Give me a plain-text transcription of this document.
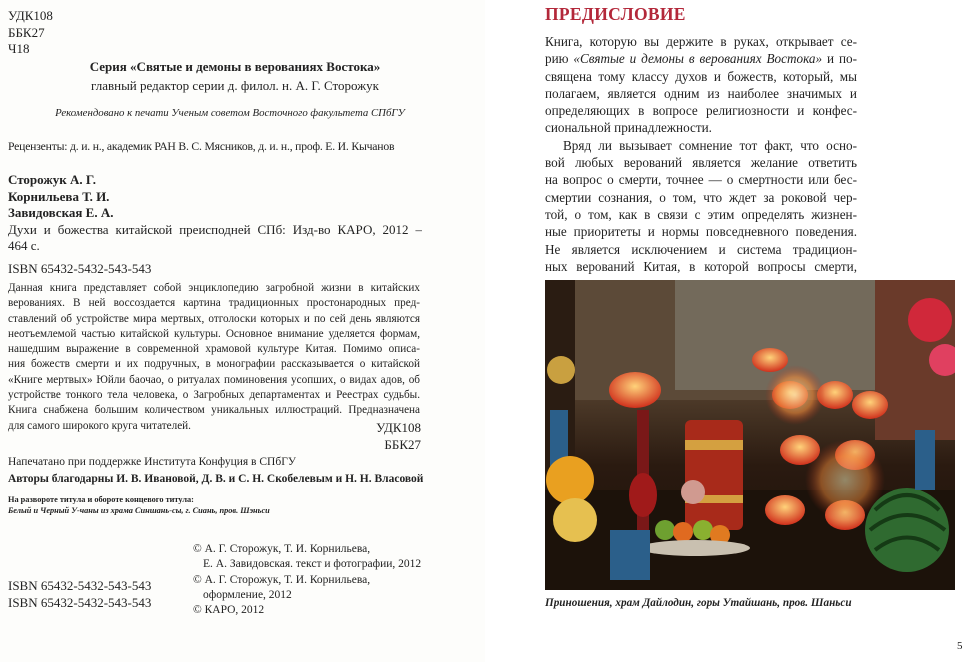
УДК108
ББК27
Ч18
Серия «Святые и демоны в верованиях Востока»
главный редактор серии д. филол. н. А. Г. Сторожук
Рекомендовано к печати Ученым советом Восточного факультета СПбГУ
Рецензенты: д. и. н., академик РАН В. С. Мясников, д. и. н., проф. Е. И. Кычанов
Сторожук А. Г.
Корнильева Т. И.
Завидовская Е. А.
Духи и божества китайской преисподней СПб: Изд-во КАРО, 2012 –
464 с.
ISBN 65432-5432-543-543
Данная книга представляет собой энциклопедию загробной жизни в китайских
верованиях. В ней воссоздается картина традиционных простонародных пред-
ставлений об устройстве мира мертвых, отголоски которых и по сей день являются
неотъемлемой частью китайской культуры. Основное внимание уделяется формам,
нашедшим выражение в современной храмовой культуре Китая. Помимо описа-
ния божеств смерти и их подручных, в монографии рассказывается о китайской
«Книге мертвых» Юйли баочао, о ритуалах поминовения усопших, о видах адов, об
устройстве тонкого тела человека, о Загробных департаментах и Реестрах судьбы.
Книга снабжена большим количеством уникальных иллюстраций. Предназначена
для самого широкого круга читателей.	УДК108
ББК27
Напечатано при поддержке Института Конфуция в СПбГУ
Авторы благодарны И. В. Ивановой, Д. В. и С. Н. Скобелевым и Н. Н. Власовой
На развороте титула и обороте концевого титула:
Белый и Черный У-чаны из храма Синшань-сы, г. Сиань, пров. Шэньси
© А. Г. Сторожук, Т. И. Корнильева,
Е. А. Завидовская. текст и фотографии, 2012
© А. Г. Сторожук, Т. И. Корнильева,
оформление, 2012
© КАРО, 2012
ISBN 65432-5432-543-543
ISBN 65432-5432-543-543
ПРЕДИСЛОВИЕ
Книга, которую вы держите в руках, открывает се-
рию «Святые и демоны в верованиях Востока» и по-
священа тому классу духов и божеств, который, мы
полагаем, является одним из наиболее значимых и
определяющих в вопросе религиозности и конфес-
сиональной принадлежности.
Вряд ли вызывает сомнение тот факт, что осно-
вой любых верований является желание ответить
на вопрос о смерти, точнее — о смертности или бес-
смертии сознания, о том, что ждет за роковой чер-
той, о том, как в связи с этим определять жизнен-
ные приоритеты и нормы повседневного поведения.
Не является исключением и система традицион-
ных верований Китая, в которой вопросы смерти,
Приношения, храм Дайлодин, горы Утайшань, пров. Шаньси
5
